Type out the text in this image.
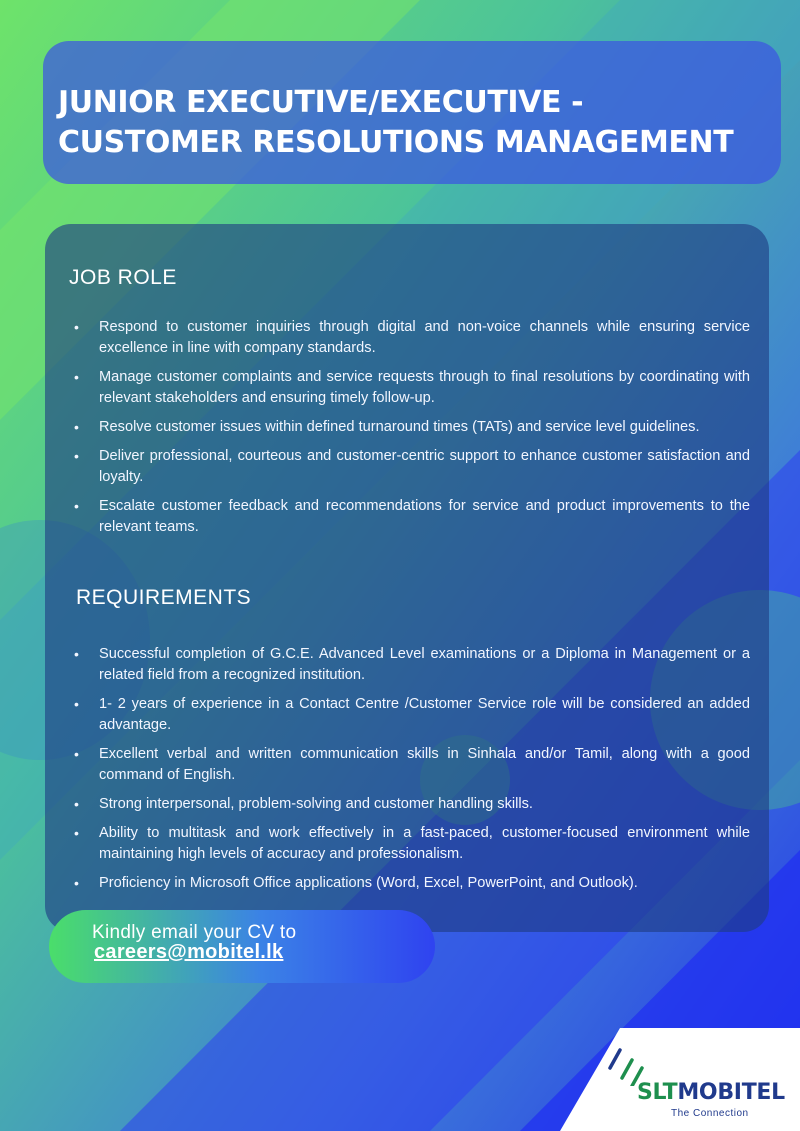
JUNIOR EXECUTIVE/EXECUTIVE -
CUSTOMER RESOLUTIONS MANAGEMENT
JOB ROLE
• Respond to customer inquiries through digital and non-voice channels while ensuring service excellence in line with company standards.
• Manage customer complaints and service requests through to final resolutions by coordinating with relevant stakeholders and ensuring timely follow-up.
• Resolve customer issues within defined turnaround times (TATs) and service level guidelines.
• Deliver professional, courteous and customer-centric support to enhance customer satisfaction and loyalty.
• Escalate customer feedback and recommendations for service and product improvements to the relevant teams.
REQUIREMENTS
• Successful completion of G.C.E. Advanced Level examinations or a Diploma in Management or a related field from a recognized institution.
• 1- 2 years of experience in a Contact Centre /Customer Service role will be considered an added advantage.
• Excellent verbal and written communication skills in Sinhala and/or Tamil, along with a good command of English.
• Strong interpersonal, problem-solving and customer handling skills.
• Ability to multitask and work effectively in a fast-paced, customer-focused environment while maintaining high levels of accuracy and professionalism.
• Proficiency in Microsoft Office applications (Word, Excel, PowerPoint, and Outlook).
Kindly email your CV to
careers@mobitel.lk
SLTMOBITEL
The Connection
